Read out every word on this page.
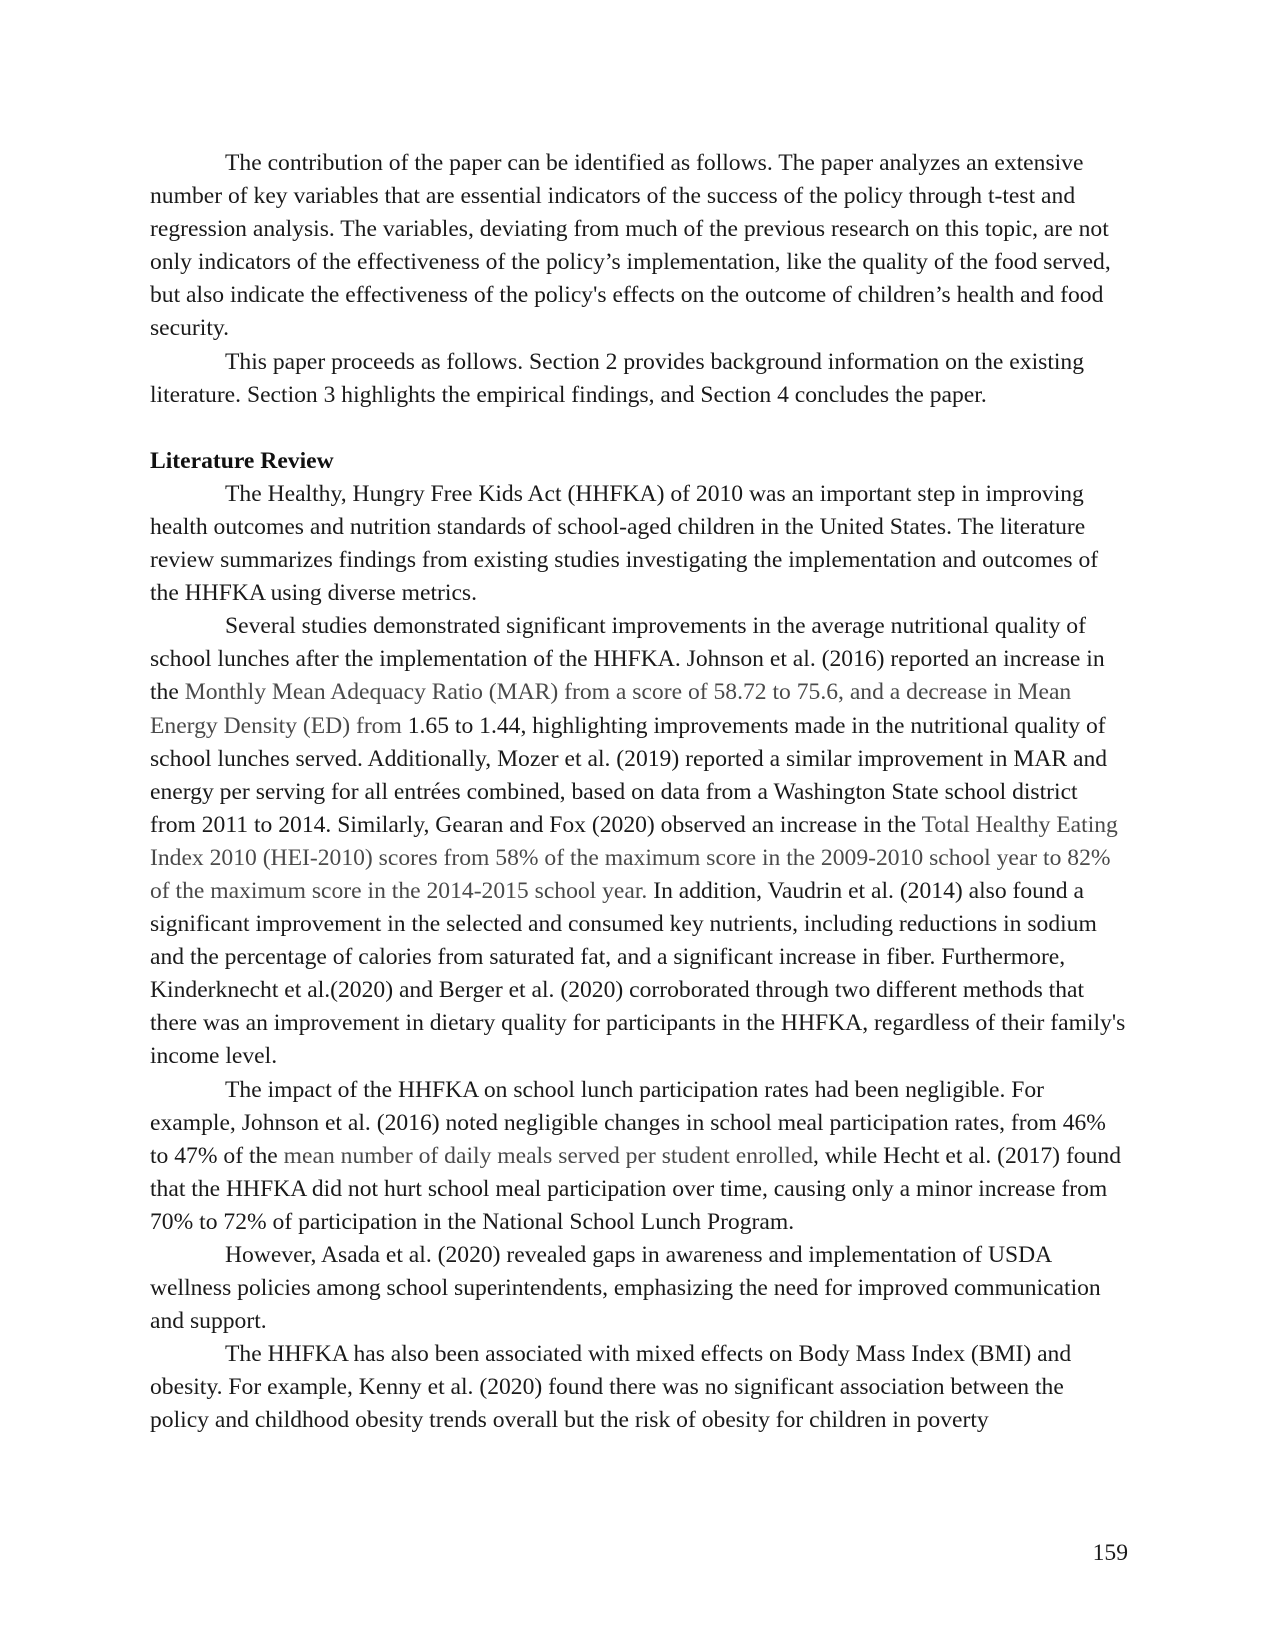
The contribution of the paper can be identified as follows. The paper analyzes an extensive number of key variables that are essential indicators of the success of the policy through t-test and regression analysis. The variables, deviating from much of the previous research on this topic, are not only indicators of the effectiveness of the policy’s implementation, like the quality of the food served, but also indicate the effectiveness of the policy's effects on the outcome of children’s health and food security.

This paper proceeds as follows. Section 2 provides background information on the existing literature. Section 3 highlights the empirical findings, and Section 4 concludes the paper.

Literature Review

The Healthy, Hungry Free Kids Act (HHFKA) of 2010 was an important step in improving health outcomes and nutrition standards of school-aged children in the United States. The literature review summarizes findings from existing studies investigating the implementation and outcomes of the HHFKA using diverse metrics.

Several studies demonstrated significant improvements in the average nutritional quality of school lunches after the implementation of the HHFKA. Johnson et al. (2016) reported an increase in the Monthly Mean Adequacy Ratio (MAR) from a score of 58.72 to 75.6, and a decrease in Mean Energy Density (ED) from 1.65 to 1.44, highlighting improvements made in the nutritional quality of school lunches served. Additionally, Mozer et al. (2019) reported a similar improvement in MAR and energy per serving for all entrées combined, based on data from a Washington State school district from 2011 to 2014. Similarly, Gearan and Fox (2020) observed an increase in the Total Healthy Eating Index 2010 (HEI-2010) scores from 58% of the maximum score in the 2009-2010 school year to 82% of the maximum score in the 2014-2015 school year. In addition, Vaudrin et al. (2014) also found a significant improvement in the selected and consumed key nutrients, including reductions in sodium and the percentage of calories from saturated fat, and a significant increase in fiber. Furthermore, Kinderknecht et al.(2020) and Berger et al. (2020) corroborated through two different methods that there was an improvement in dietary quality for participants in the HHFKA, regardless of their family's income level.

The impact of the HHFKA on school lunch participation rates had been negligible. For example, Johnson et al. (2016) noted negligible changes in school meal participation rates, from 46% to 47% of the mean number of daily meals served per student enrolled, while Hecht et al. (2017) found that the HHFKA did not hurt school meal participation over time, causing only a minor increase from 70% to 72% of participation in the National School Lunch Program.

However, Asada et al. (2020) revealed gaps in awareness and implementation of USDA wellness policies among school superintendents, emphasizing the need for improved communication and support.

The HHFKA has also been associated with mixed effects on Body Mass Index (BMI) and obesity. For example, Kenny et al. (2020) found there was no significant association between the policy and childhood obesity trends overall but the risk of obesity for children in poverty

159
